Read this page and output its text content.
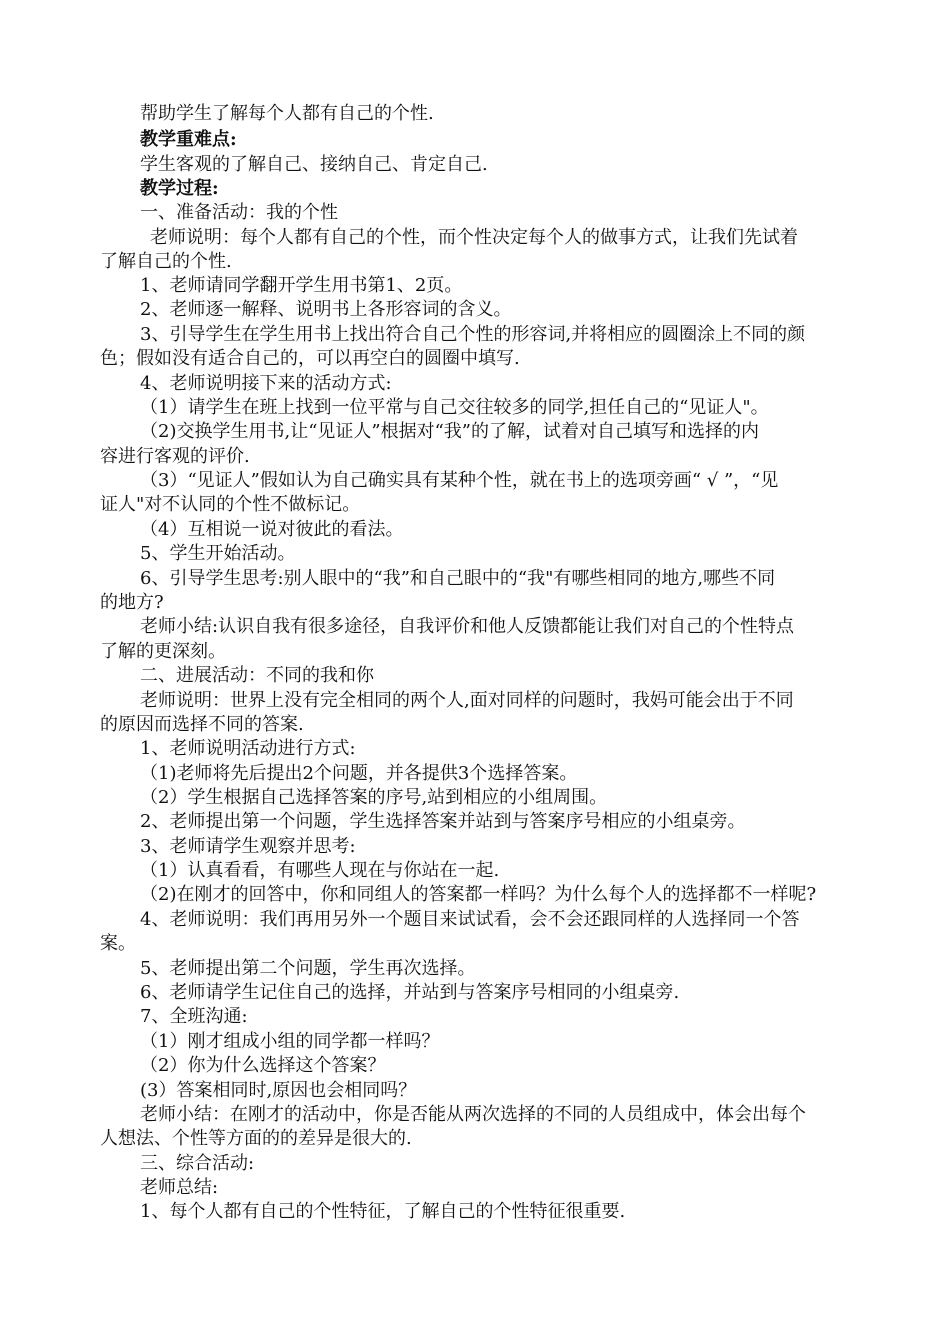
帮助学生了解每个人都有自己的个性.

教学重难点:

学生客观的了解自己、接纳自己、肯定自己.

教学过程:

一、准备活动：我的个性

老师说明：每个人都有自己的个性，而个性决定每个人的做事方式，让我们先试着

了解自己的个性.

1、老师请同学翻开学生用书第1、2页。

2、老师逐一解释、说明书上各形容词的含义。

3、引导学生在学生用书上找出符合自己个性的形容词,并将相应的圆圈涂上不同的颜

色；假如没有适合自己的，可以再空白的圆圈中填写.

4、老师说明接下来的活动方式:

（1）请学生在班上找到一位平常与自己交往较多的同学,担任自己的“见证人"。

（2)交换学生用书,让“见证人”根据对“我”的了解，试着对自己填写和选择的内

容进行客观的评价.

（3）“见证人”假如认为自己确实具有某种个性，就在书上的选项旁画“ √ ”，“见

证人"对不认同的个性不做标记。

（4）互相说一说对彼此的看法。

5、学生开始活动。

6、引导学生思考:别人眼中的“我”和自己眼中的“我"有哪些相同的地方,哪些不同

的地方?

老师小结:认识自我有很多途径，自我评价和他人反馈都能让我们对自己的个性特点

了解的更深刻。

二、进展活动：不同的我和你

老师说明：世界上没有完全相同的两个人,面对同样的问题时，我妈可能会出于不同

的原因而选择不同的答案.

1、老师说明活动进行方式:

（1)老师将先后提出2个问题，并各提供3个选择答案。

（2）学生根据自己选择答案的序号,站到相应的小组周围。

2、老师提出第一个问题，学生选择答案并站到与答案序号相应的小组桌旁。

3、老师请学生观察并思考:

（1）认真看看，有哪些人现在与你站在一起.

（2)在刚才的回答中，你和同组人的答案都一样吗？为什么每个人的选择都不一样呢?

4、老师说明：我们再用另外一个题目来试试看，会不会还跟同样的人选择同一个答

案。

5、老师提出第二个问题，学生再次选择。

6、老师请学生记住自己的选择，并站到与答案序号相同的小组桌旁.

7、全班沟通:

（1）刚才组成小组的同学都一样吗？

（2）你为什么选择这个答案？

(3）答案相同时,原因也会相同吗？

老师小结：在刚才的活动中，你是否能从两次选择的不同的人员组成中，体会出每个

人想法、个性等方面的的差异是很大的.

三、综合活动:

老师总结:

1、每个人都有自己的个性特征，了解自己的个性特征很重要.
